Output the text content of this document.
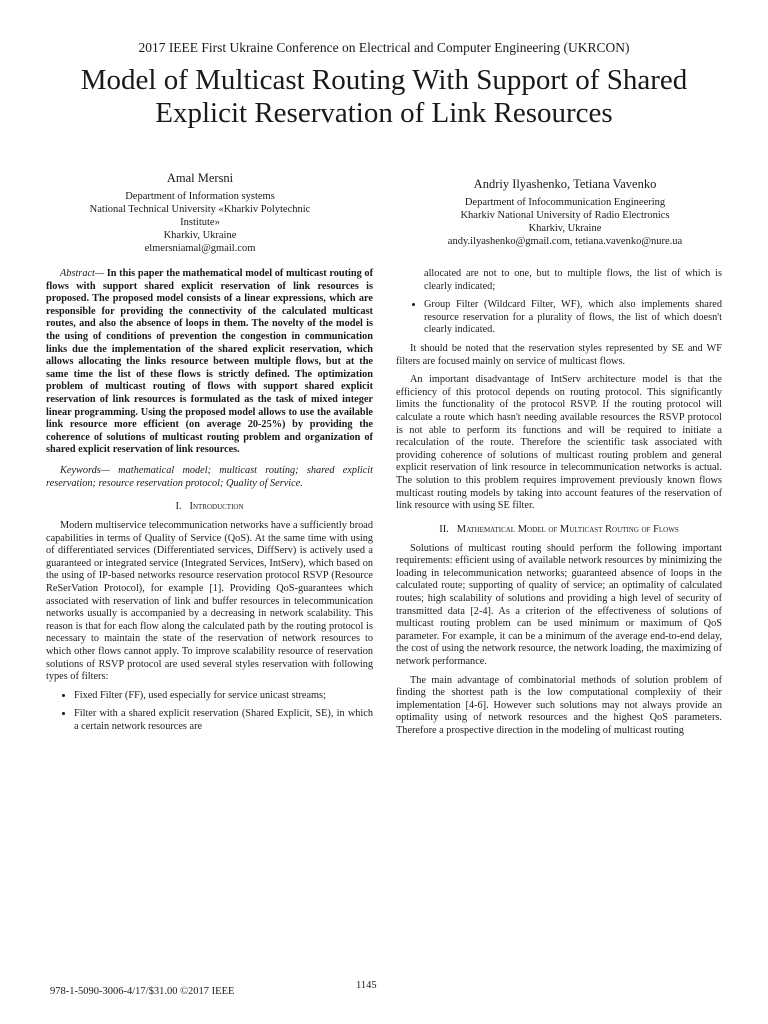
2017 IEEE First Ukraine Conference on Electrical and Computer Engineering (UKRCON)
Model of Multicast Routing With Support of Shared
Explicit Reservation of Link Resources
Amal Mersni
Department of Information systems
National Technical University «Kharkiv Polytechnic
Institute»
Kharkiv, Ukraine
elmersniamal@gmail.com
Andriy Ilyashenko, Tetiana Vavenko
Department of Infocommunication Engineering
Kharkiv National University of Radio Electronics
Kharkiv, Ukraine
andy.ilyashenko@gmail.com, tetiana.vavenko@nure.ua

Abstract— In this paper the mathematical model of multicast routing of flows with support shared explicit reservation of link resources is proposed. The proposed model consists of a linear expressions, which are responsible for providing the connectivity of the calculated multicast routes, and also the absence of loops in them. The novelty of the model is the using of conditions of prevention the congestion in communication links due the implementation of the shared explicit reservation, which allows allocating the links resource between multiple flows, but at the same time the list of these flows is strictly defined. The optimization problem of multicast routing of flows with support shared explicit reservation of link resources is formulated as the task of mixed integer linear programming. Using the proposed model allows to use the available link resource more efficient (on average 20-25%) by providing the coherence of solutions of multicast routing problem and organization of shared explicit reservation of link resources.

Keywords— mathematical model; multicast routing; shared explicit reservation; resource reservation protocol; Quality of Service.

I. Introduction

Modern multiservice telecommunication networks have a sufficiently broad capabilities in terms of Quality of Service (QoS). At the same time with using of differentiated services (Differentiated services, DiffServ) is actively used a guaranteed or integrated service (Integrated Services, IntServ), which based on the using of IP-based networks resource reservation protocol RSVP (Resource ReSerVation Protocol), for example [1]. Providing QoS-guarantees which associated with reservation of link and buffer resources in telecommunication networks usually is accompanied by a decreasing in network scalability. This reason is that for each flow along the calculated path by the routing protocol is necessary to maintain the state of the reservation of network resources to which other flows cannot apply. To improve scalability resource of reservation solutions of RSVP protocol are used several styles reservation with following types of filters:

• Fixed Filter (FF), used especially for service unicast streams;
• Filter with a shared explicit reservation (Shared Explicit, SE), in which a certain network resources are

allocated are not to one, but to multiple flows, the list of which is clearly indicated;

• Group Filter (Wildcard Filter, WF), which also implements shared resource reservation for a plurality of flows, the list of which doesn't clearly indicated.

It should be noted that the reservation styles represented by SE and WF filters are focused mainly on service of multicast flows.

An important disadvantage of IntServ architecture model is that the efficiency of this protocol depends on routing protocol. This significantly limits the functionality of the protocol RSVP. If the routing protocol will calculate a route which hasn't needing available resources the RSVP protocol is not able to perform its functions and will be required to initiate a recalculation of the route. Therefore the scientific task associated with providing coherence of solutions of multicast routing problem and general explicit reservation of link resource in telecommunication networks is actual. The solution to this problem requires improvement previously known flows multicast routing models by taking into account features of the reservation of link resource with using SE filter.

II. Mathematical Model of Multicast Routing of Flows

Solutions of multicast routing should perform the following important requirements: efficient using of available network resources by minimizing the loading in telecommunication networks; guaranteed absence of loops in the calculated route; supporting of quality of service; an optimality of calculated routes; high scalability of solutions and providing a high level of security of transmitted data [2-4]. As a criterion of the effectiveness of solutions of multicast routing problem can be used minimum or maximum of QoS parameter. For example, it can be a minimum of the average end-to-end delay, the cost of using the network resource, the network loading, the maximizing of network performance.

The main advantage of combinatorial methods of solution problem of finding the shortest path is the low computational complexity of their implementation [4-6]. However such solutions may not always provide an optimality using of network resources and the highest QoS parameters. Therefore a prospective direction in the modeling of multicast routing

978-1-5090-3006-4/17/$31.00 ©2017 IEEE
1145
